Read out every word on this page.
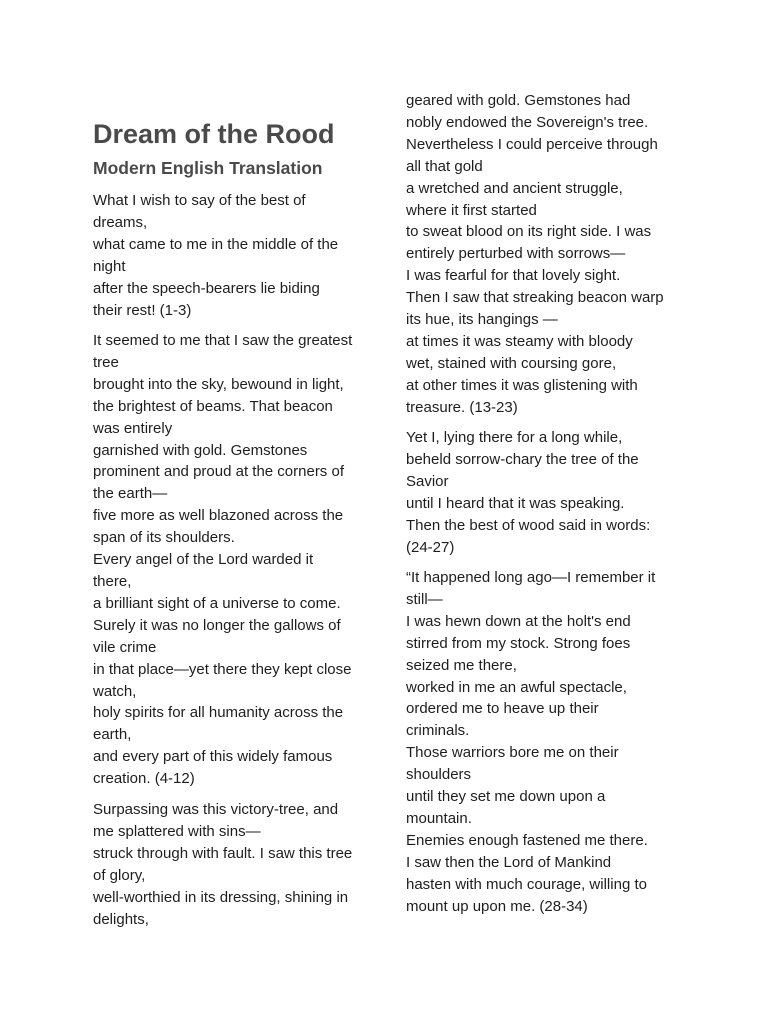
Dream of the Rood
Modern English Translation

What I wish to say of the best of
dreams,
what came to me in the middle of the
night
after the speech-bearers lie biding
their rest! (1-3)

It seemed to me that I saw the greatest
tree
brought into the sky, bewound in light,
the brightest of beams. That beacon
was entirely
garnished with gold. Gemstones
prominent and proud at the corners of
the earth—
five more as well blazoned across the
span of its shoulders.
Every angel of the Lord warded it
there,
a brilliant sight of a universe to come.
Surely it was no longer the gallows of
vile crime
in that place—yet there they kept close
watch,
holy spirits for all humanity across the
earth,
and every part of this widely famous
creation. (4-12)

Surpassing was this victory-tree, and
me splattered with sins—
struck through with fault. I saw this tree
of glory,
well-worthied in its dressing, shining in
delights,

geared with gold. Gemstones had
nobly endowed the Sovereign's tree.
Nevertheless I could perceive through
all that gold
a wretched and ancient struggle,
where it first started
to sweat blood on its right side. I was
entirely perturbed with sorrows—
I was fearful for that lovely sight.
Then I saw that streaking beacon warp
its hue, its hangings —
at times it was steamy with bloody
wet, stained with coursing gore,
at other times it was glistening with
treasure. (13-23)

Yet I, lying there for a long while,
beheld sorrow-chary the tree of the
Savior
until I heard that it was speaking.
Then the best of wood said in words:
(24-27)

“It happened long ago—I remember it
still—
I was hewn down at the holt's end
stirred from my stock. Strong foes
seized me there,
worked in me an awful spectacle,
ordered me to heave up their
criminals.
Those warriors bore me on their
shoulders
until they set me down upon a
mountain.
Enemies enough fastened me there.
I saw then the Lord of Mankind
hasten with much courage, willing to
mount up upon me. (28-34)
